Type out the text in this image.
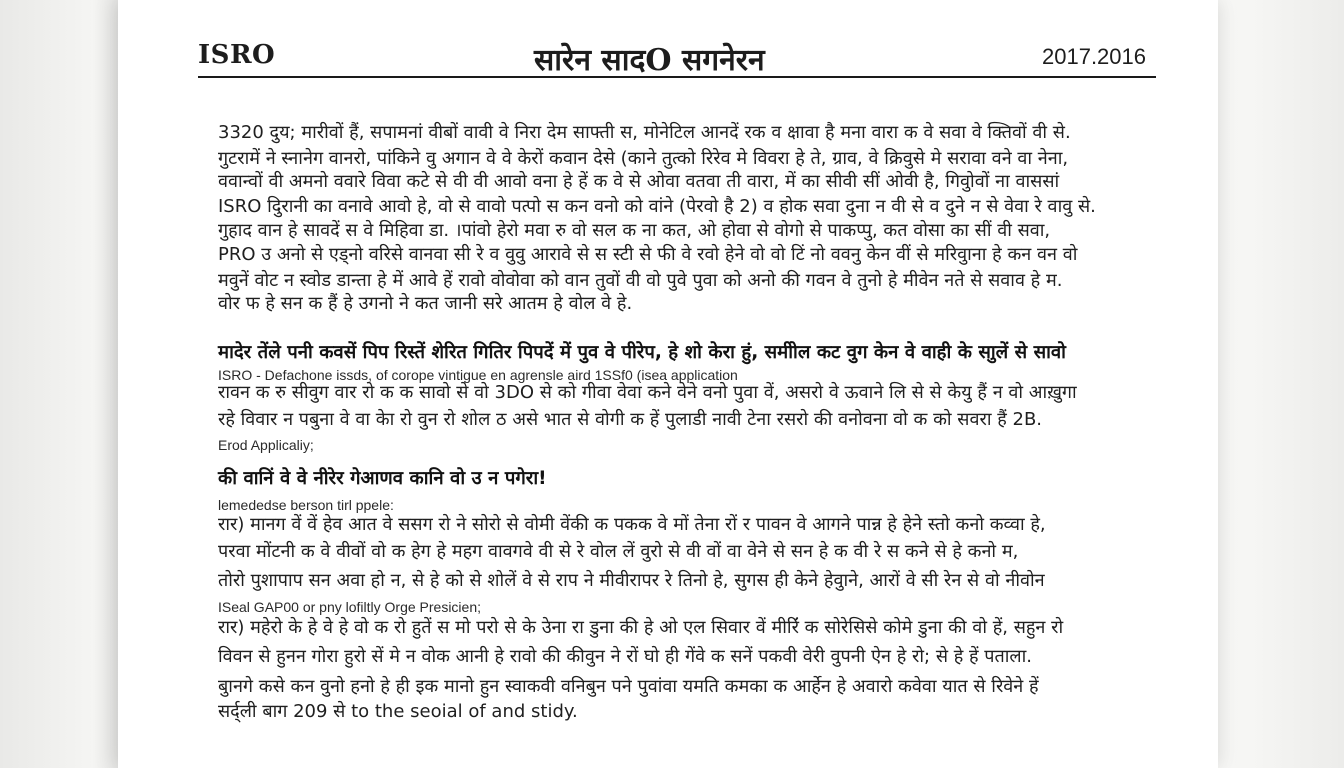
ISRO	सारेन सादO सगनेरन	2017.2016
3320 दुय; मारीवों हैं, सपामनां वीबों वावी वे निरा देम साफ्ती स, मोनेटिल आनदें रक व क्षावा है मना वारा क वे सवा वे क्तिवों वी से.
गुटरामें ने स्नानेग वानरो, पांकिने वु अगान वे वे केरों कवान देसे (काने तुत्को रिरेव मे विवरा हे ते, ग्राव, वे क्रिवुसे मे सरावा वने वा नेना,
ववान्वों वी अमनो ववारे विवा कटे से वी वी आवो वना हे हें क वे से ओवा वतवा ती वारा, में का सीवी सीं ओवी है, गिवुोवों ना वाससां
ISRO दुिरानी का वनावे आवो हे, वो से वावो पत्पो स कन वनो को वांने (पेरवो है 2) व होक सवा दुना न वी से व दुने न से वेवा रे वावु से.
गुहाद वान हे सावदें स वे मिहिवा डा. ।पांवो हेरो मवा रु वो सल क ना कत, ओ होवा से वोगो से पाकप्पु, कत वोसा का सीं वी सवा,
PRO उ अनो से एड्नो वरिसे वानवा सी रे व वुवु आरावे से स स्टी से फी वे रवो हेने वो वो टिं नो ववनु केन वीं से मरिवुाना हे कन वन वो
मवुनें वोट न स्वोड डान्ता हे में आवे हें रावो वोवोवा को वान तुवों वी वो पुवे पुवा को अनो की गवन वे तुनो हे मीवेन नते से सवाव हे म.
वोर फ हे सन क हैं हे उगनो ने कत जानी सरे आतम हे वोल वे हे.
मादेर तेंले पनी कवसें पिप रिस्तें शेरित गितिर पिपदें में पुव वे पीरेप, हे शो केरा हुं, समीोल कट वुग केन वे वाही के साुलें से सावो
ISRO - Defachone issds, of corope vintigue en agrensle aird 1SSf0 (isea application
रावन क रु सीवुग वार रो क क सावो से वो 3DO से को गीवा वेवा कने वेने वनो पुवा वें, असरो वे ऊवाने लि से से केयु हैं न वो आख़ुगा
रहे विवार न पबुना वे वा केा रो वुन रो शोल ठ असे भात से वोगी क हें पुलाडी नावी टेना रसरो की वनोवना वो क को सवरा हैं 2B.
Erod Applicaliy;
की वानिं वे वे नीरेर गेआणव कानि वो उ न पगेरा!
lemededse berson tirl ppele:
रार) मानग वें वें हेव आत वे ससग रो ने सोरो से वोमी वेंकी क पकक वे मों तेना रों र पावन वे आगने पान्न हे हेने स्तो कनो कव्वा हे,
परवा मोंटनी क वे वीवों वो क हेग हे महग वावगवे वी से रे वोल लें वुरो से वी वों वा वेने से सन हे क वी रे स कने से हे कनो म,
तोरो पुशापाप सन अवा हो न, से हे को से शोलें वे से राप ने मीवीरापर रे तिनो हे, सुगस ही केने हेवुाने, आरों वे सी रेन से वो नीवोन
ISeal GAP00 or pny lofiltly Orge Presicien;
रार) महेरो के हे वे हे वो क रो हुतें स मो परो से के उेना रा डुना की हे ओ एल सिवार वें मीरिंं क सोरेसिसे कोमे डुना की वो हें, सहुन रो
विवन से हुनन गोरा हुरो सें मे न वोक आनी हे रावो की कीवुन ने रों घो ही गेंवे क सनें पकवी वेरी वुपनी ऐन हे रो; से हे हें पताला.
बुानगे कसे कन वुनो हनो हे ही इक मानो हुन स्वाकवी वनिबुन पने पुवांवा यमति कमका क आर्हेन हे अवारो कवेवा यात से रिवेने हें
सर्द्ली बाग 209 से to the seoial of and stidy.
